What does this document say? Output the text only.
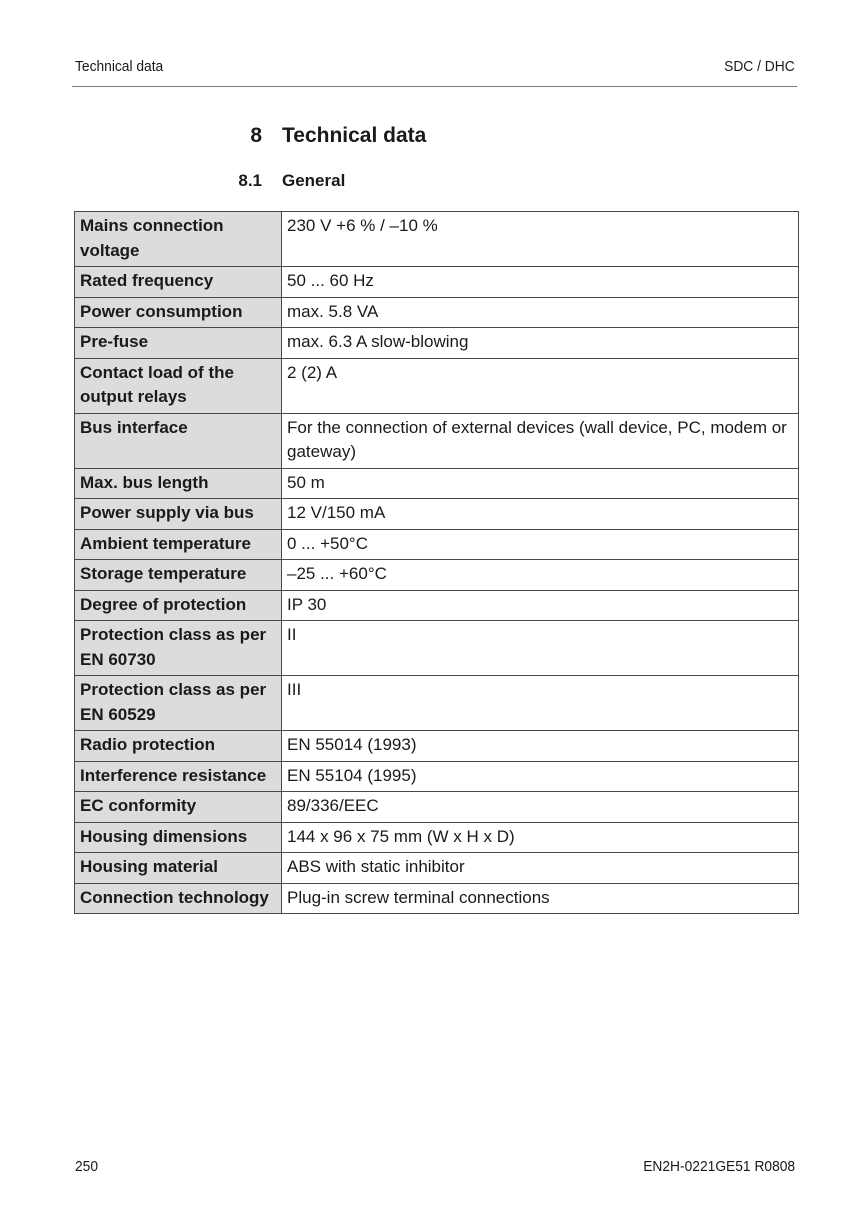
Technical data	SDC / DHC
8 Technical data
8.1 General
Mains connection voltage	230 V +6 % / –10 %
Rated frequency	50 ... 60 Hz
Power consumption	max. 5.8 VA
Pre-fuse	max. 6.3 A slow-blowing
Contact load of the output relays	2 (2) A
Bus interface	For the connection of external devices (wall device, PC, modem or gateway)
Max. bus length	50 m
Power supply via bus	12 V/150 mA
Ambient temperature	0 ... +50°C
Storage temperature	–25 ... +60°C
Degree of protection	IP 30
Protection class as per EN 60730	II
Protection class as per EN 60529	III
Radio protection	EN 55014 (1993)
Interference resistance	EN 55104 (1995)
EC conformity	89/336/EEC
Housing dimensions	144 x 96 x 75 mm (W x H x D)
Housing material	ABS with static inhibitor
Connection technology	Plug-in screw terminal connections
250	EN2H-0221GE51 R0808
